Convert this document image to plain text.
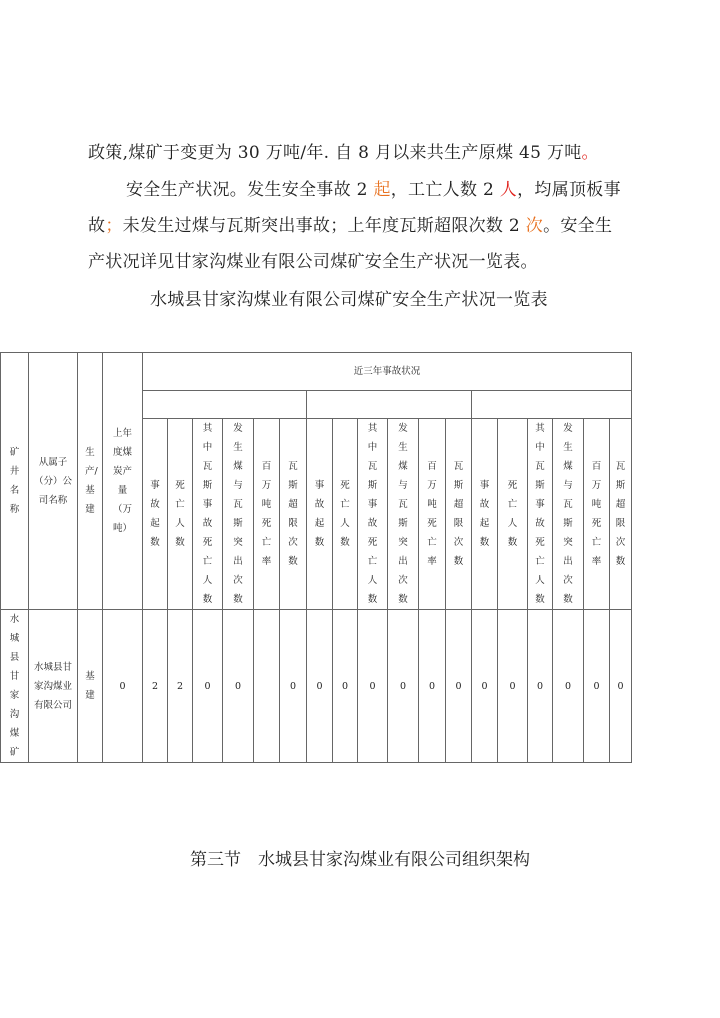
政策,煤矿于变更为 30 万吨/年. 自 8 月以来共生产原煤 45 万吨。
安全生产状况。发生安全事故 2 起，工亡人数 2 人，均属顶板事
故；未发生过煤与瓦斯突出事故；上年度瓦斯超限次数 2 次。安全生
产状况详见甘家沟煤业有限公司煤矿安全生产状况一览表。
水城县甘家沟煤业有限公司煤矿安全生产状况一览表
矿井名称	从属子（分）公司名称	生产/基建	上年度煤炭产量（万吨）	近三年事故状况																	

				事故起数	死亡人数	其中瓦斯事故死亡人数	发生煤与瓦斯突出次数	百万吨死亡率	瓦斯超限次数	事故起数	死亡人数	其中瓦斯事故死亡人数	发生煤与瓦斯突出次数	百万吨死亡率	瓦斯超限次数	事故起数	死亡人数	其中瓦斯事故死亡人数	发生煤与瓦斯突出次数	百万吨死亡率	瓦斯超限次数
水城县甘家沟煤矿	水城县甘家沟煤业有限公司	基建	0	2	2	0	0		0	0	0	0	0	0	0	0	0	0	0	0	0
第三节　水城县甘家沟煤业有限公司组织架构
